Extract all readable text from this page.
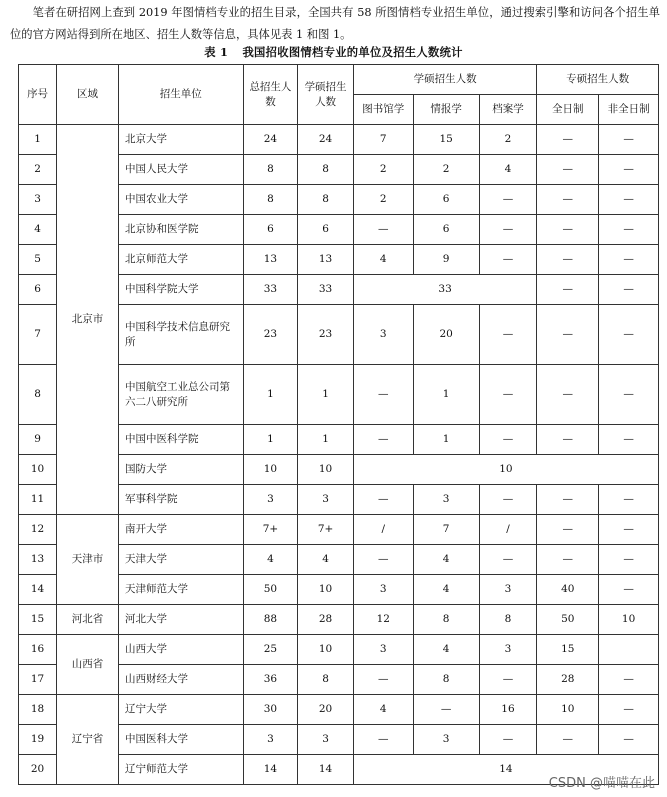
笔者在研招网上查到 2019 年图情档专业的招生目录，全国共有 58 所图情档专业招生单位，通过搜索引擎和访问各个招生单位的官方网站得到所在地区、招生人数等信息，具体见表 1 和图 1。

表 1 我国招收图情档专业的单位及招生人数统计

序号	区域	招生单位	总招生人数	学硕招生人数	学硕招生人数			专硕招生人数	
					图书馆学	情报学	档案学	全日制	非全日制
1	北京市	北京大学	24	24	7	15	2	—	—
2		中国人民大学	8	8	2	2	4	—	—
3		中国农业大学	8	8	2	6	—	—	—
4		北京协和医学院	6	6	—	6	—	—	—
5		北京师范大学	13	13	4	9	—	—	—
6		中国科学院大学	33	33	33			—	—
7		中国科学技术信息研究所	23	23	3	20	—	—	—
8		中国航空工业总公司第六二八研究所	1	1	—	1	—	—	—
9		中国中医科学院	1	1	—	1	—	—	—
10		国防大学	10	10	10				
11		军事科学院	3	3	—	3	—	—	—
12	天津市	南开大学	7+	7+	/	7	/	—	—
13		天津大学	4	4	—	4	—	—	—
14		天津师范大学	50	10	3	4	3	40	—
15	河北省	河北大学	88	28	12	8	8	50	10
16	山西省	山西大学	25	10	3	4	3	15	
17		山西财经大学	36	8	—	8	—	28	—
18	辽宁省	辽宁大学	30	20	4	—	16	10	—
19		中国医科大学	3	3	—	3	—	—	—
20		辽宁师范大学	14	14	14				
CSDN @喵喵在此
